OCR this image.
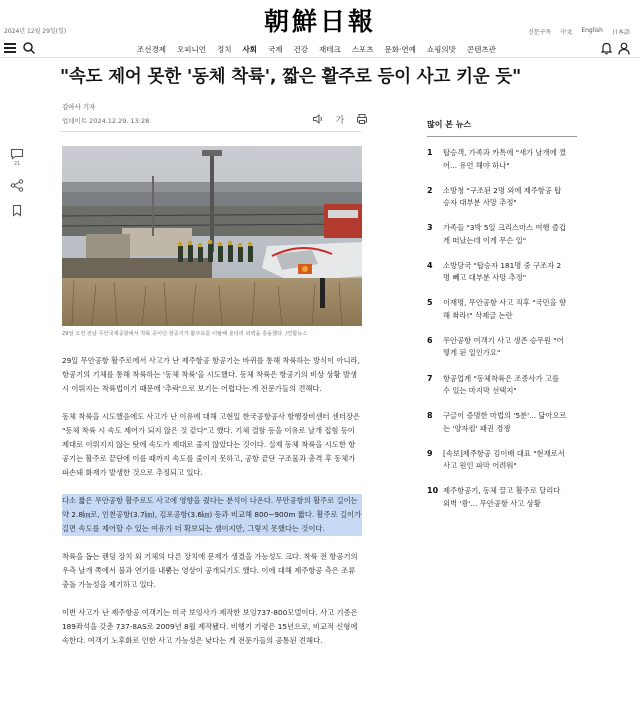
2024년 12월 29일(일)	朝鮮日報	신문구독 中文 English 日本語
조선경제 오피니언 정치 사회 국제 건강 재테크 스포츠 문화·연예 쇼핑의맛 콘텐츠관
"속도 제어 못한 '동체 착륙', 짧은 활주로 등이 사고 키운 듯"
김아사 기자
업데이트 2024.12.29. 13:28	가
21
29일 오전 전남 무안국제공항에서 착륙 중이던 항공기가 활주로를 이탈해 울타리 외벽을 충돌했다. /연합뉴스

29일 무안공항 활주로에서 사고가 난 제주항공 항공기는 바퀴를 통해 착륙하는 방식이 아니라, 항공기의 기체를 통해 착륙하는 '동체 착륙'을 시도했다. 동체 착륙은 항공기의 비상 상황 발생 시 이뤄지는 착륙법이기 때문에 '추락'으로 보기는 어렵다는 게 전문가들의 견해다.

동체 착륙을 시도했음에도 사고가 난 이유에 대해 고현일 한국공항공사 항행장비센터 센터장은 "동체 착륙 시 속도 제어가 되지 않은 것 같다"고 했다. 기체 결함 등을 이유로 날개 접힘 등이 제대로 이뤄지지 않는 탓에 속도가 제대로 줄지 않았다는 것이다. 실제 동체 착륙을 시도한 항공기는 활주로 끝단에 이를 때까지 속도를 줄이지 못하고, 공항 끝단 구조물과 충격 후 동체가 파손돼 화재가 발생한 것으로 추정되고 있다.

다소 짧은 무안공항 활주로도 사고에 영향을 줬다는 분석이 나온다. 무안공항의 활주로 길이는 약 2.8㎞로, 인천공항(3.7㎞), 김포공항(3.6㎞) 등과 비교해 800~900m 짧다. 활주로 길이가 길면 속도를 제어할 수 있는 여유가 더 확보되는 셈이지만, 그렇지 못했다는 것이다.

착륙을 돕는 랜딩 장치 외 기체의 다른 장치에 문제가 생겼을 가능성도 크다. 착륙 전 항공기의 우측 날개 쪽에서 불과 연기를 내뿜는 영상이 공개되기도 했다. 이에 대해 제주항공 측은 조류 충돌 가능성을 제기하고 있다.

이번 사고가 난 제주항공 여객기는 미국 보잉사가 제작한 보잉737-800모델이다. 사고 기종은 189좌석을 갖춘 737-8AS로 2009년 8월 제작됐다. 비행기 기령은 15년으로, 비교적 신형에 속한다. 여객기 노후화로 인한 사고 가능성은 낮다는 게 전문가들의 공통된 견해다.

많이 본 뉴스
1	탑승객, 가족과 카톡에 "새가 날개에 꼈어... 유언 해야 하나"
2	소방청 "구조된 2명 외에 제주항공 탑승자 대부분 사망 추정"
3	가족들 "3박 5일 크리스마스 여행 즐겁게 떠났는데 이게 무슨 일"
4	소방당국 "탑승자 181명 중 구조자 2명 빼고 대부분 사망 추정"
5	이재명, 무안공항 사고 직후 "국민을 향해 쏴라!" 삭제글 논란
6	무안공항 여객기 사고 생존 승무원 "어떻게 된 일인가요"
7	항공업계 "동체착륙은 조종사가 고를 수 있는 마지막 선택지"
8	구글이 증명한 마법의 '5분'... 닮아오르는 '양자컴' 패권 경쟁
9	[속보]제주항공 김이배 대표 "현재로서 사고 원인 파악 어려워"
10 제주항공기, 동체 끌고 활주로 달리다 외벽 '쾅'... 무안공항 사고 상황
